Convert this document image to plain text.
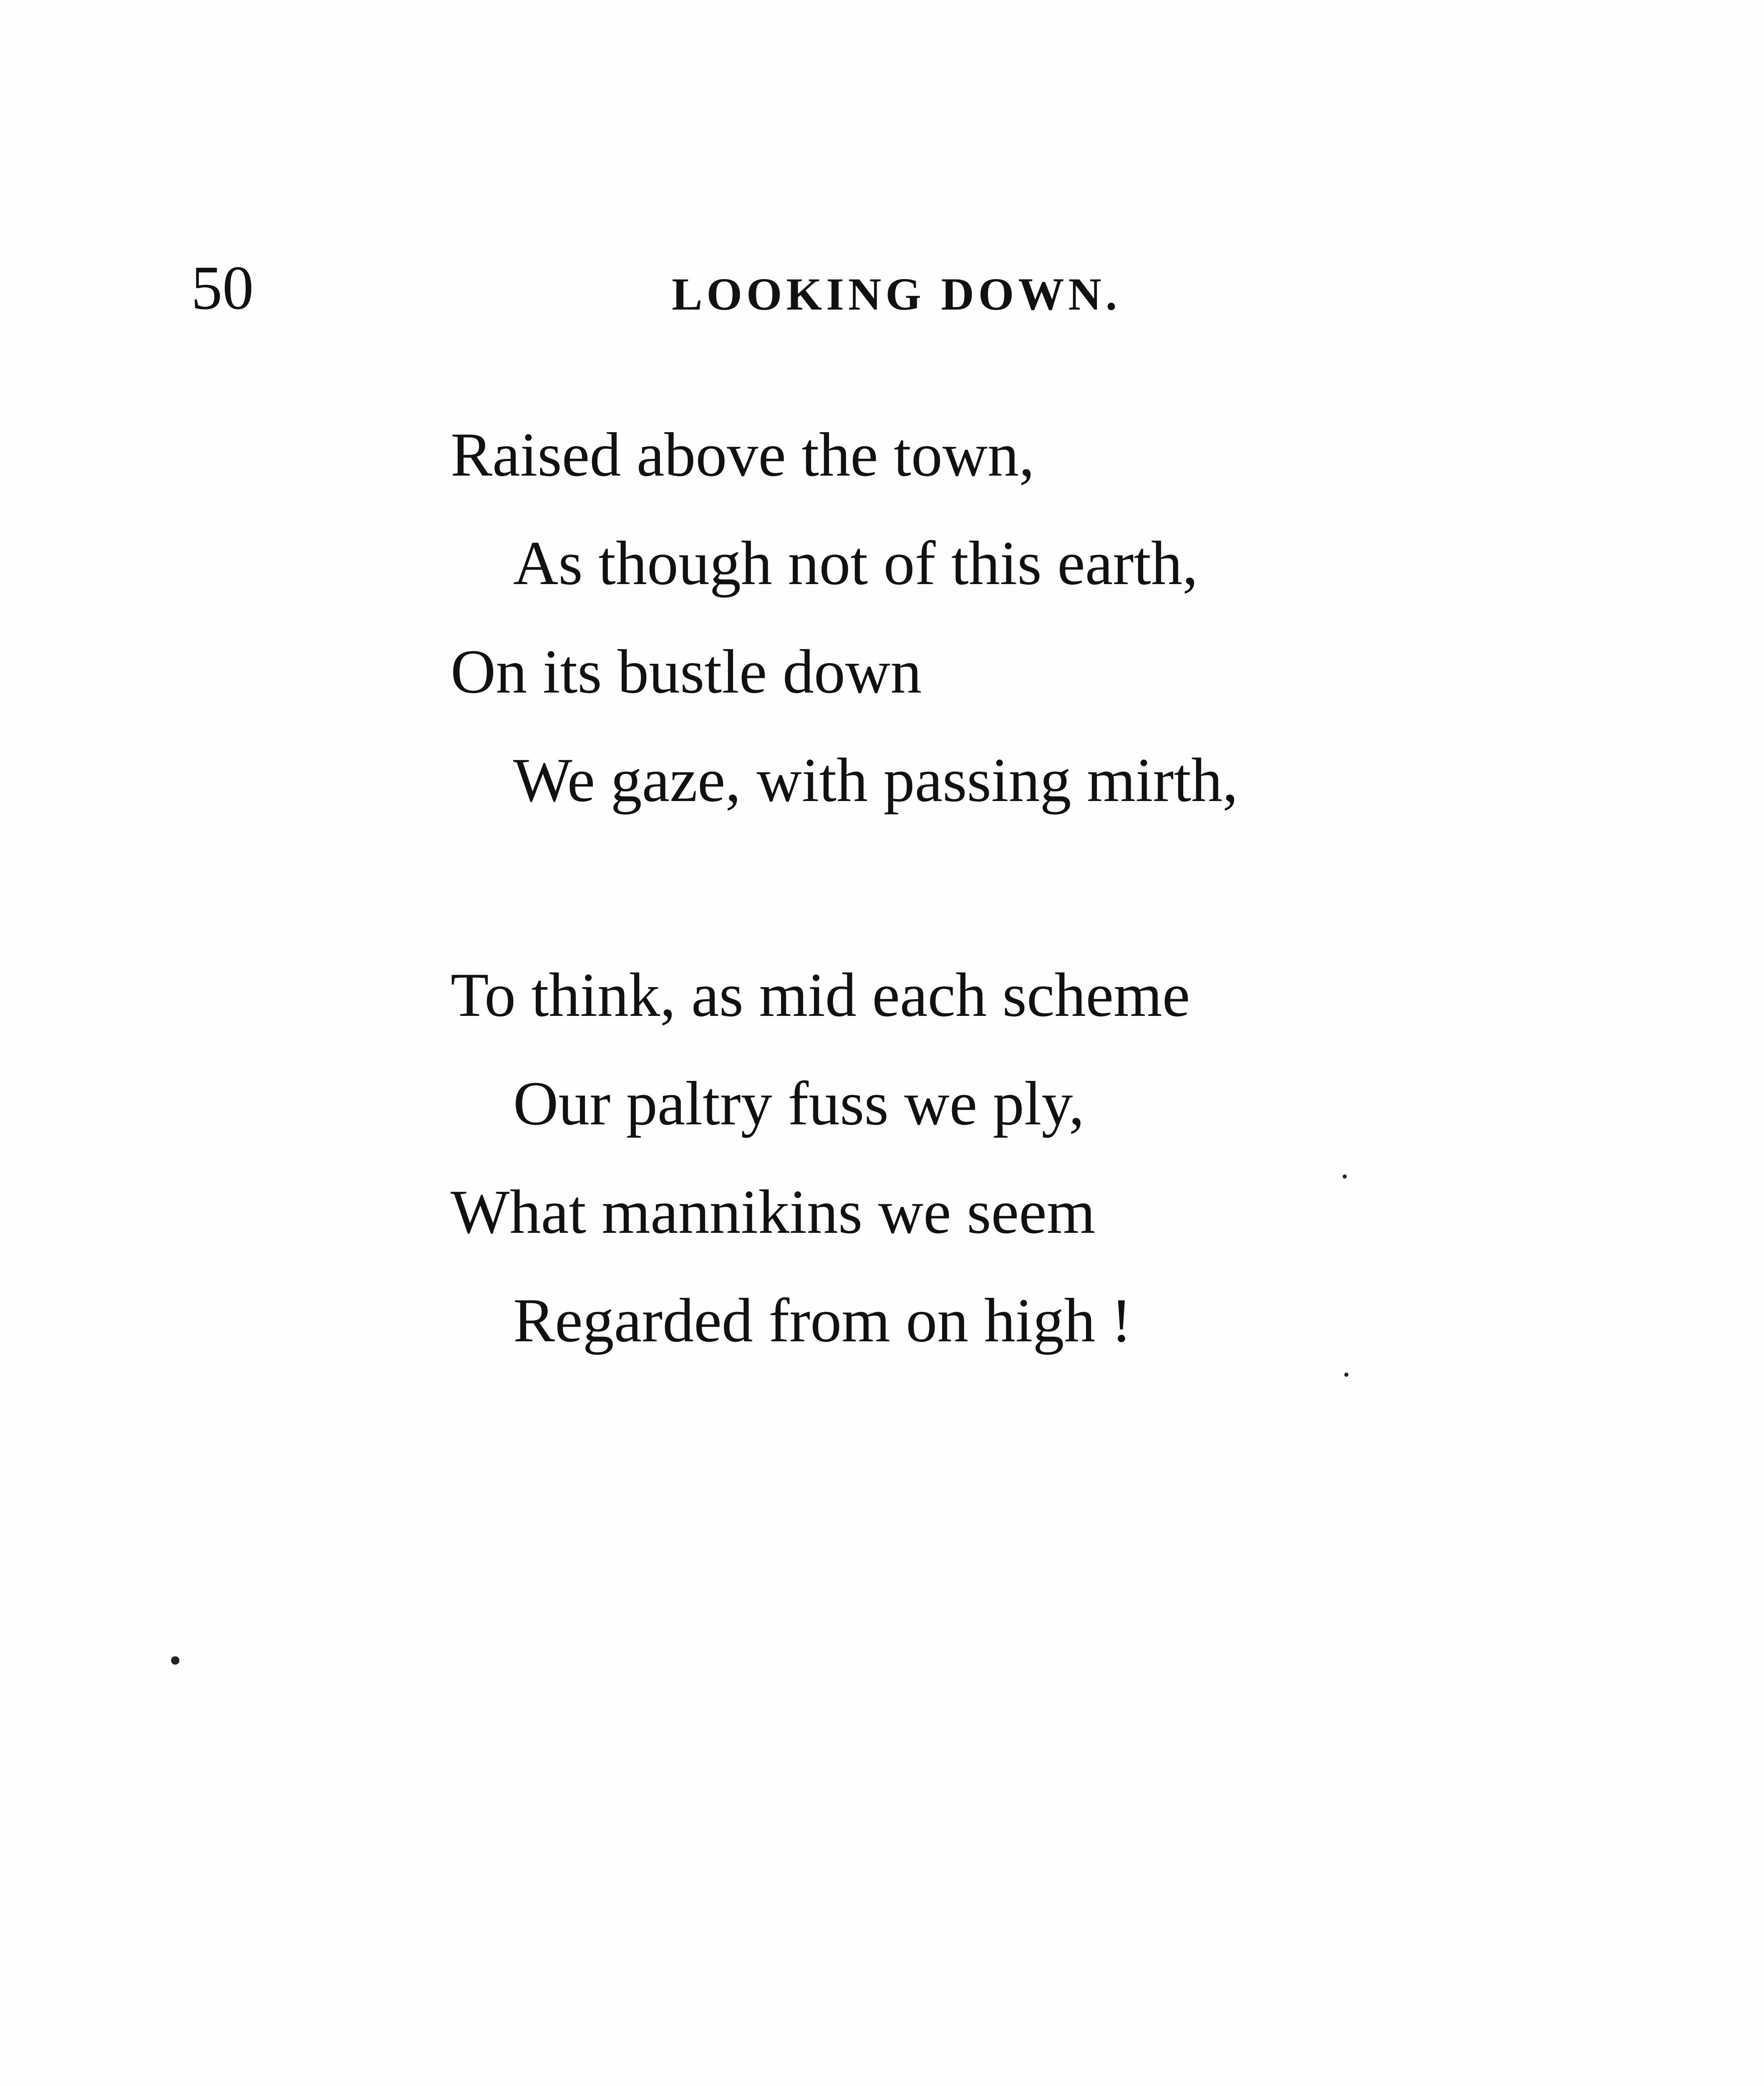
50	LOOKING DOWN.

Raised above the town,
As though not of this earth,
On its bustle down
We gaze, with passing mirth,
To think, as mid each scheme
Our paltry fuss we ply,
What mannikins we seem
Regarded from on high !
